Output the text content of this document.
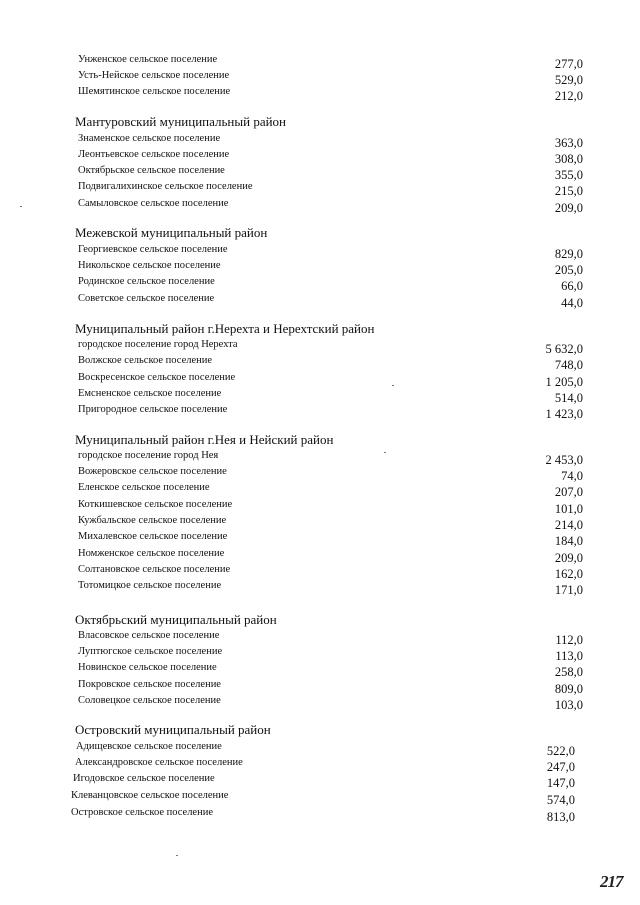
Унженское сельское поселение	277,0
Усть-Нейское сельское поселение	529,0
Шемятинское сельское поселение	212,0
Мантуровский муниципальный район
Знаменское сельское поселение	363,0
Леонтьевское сельское поселение	308,0
Октябрьское сельское поселение	355,0
Подвигалихинское сельское поселение	215,0
Самыловское сельское поселение	209,0
Межевской муниципальный район
Георгиевское сельское поселение	829,0
Никольское сельское поселение	205,0
Родинское сельское поселение	66,0
Советское сельское поселение	44,0
Муниципальный район г.Нерехта и Нерехтский район
городское поселение город Нерехта	5 632,0
Волжское сельское поселение	748,0
Воскресенское сельское поселение	1 205,0
Емсненское сельское поселение	514,0
Пригородное сельское поселение	1 423,0
Муниципальный район г.Нея и Нейский район
городское поселение город Нея	2 453,0
Вожеровское сельское поселение	74,0
Еленское сельское поселение	207,0
Коткишевское сельское поселение	101,0
Кужбальское сельское поселение	214,0
Михалевское сельское поселение	184,0
Номженское сельское поселение	209,0
Солтановское сельское поселение	162,0
Тотомицкое сельское поселение	171,0
Октябрьский муниципальный район
Власовское сельское поселение	112,0
Луптюгское сельское поселение	113,0
Новинское сельское поселение	258,0
Покровское сельское поселение	809,0
Соловецкое сельское поселение	103,0
Островский муниципальный район
Адищевское сельское поселение	522,0
Александровское сельское поселение	247,0
Игодовское сельское поселение	147,0
Клеванцовское сельское поселение	574,0
Островское сельское поселение	813,0
217
